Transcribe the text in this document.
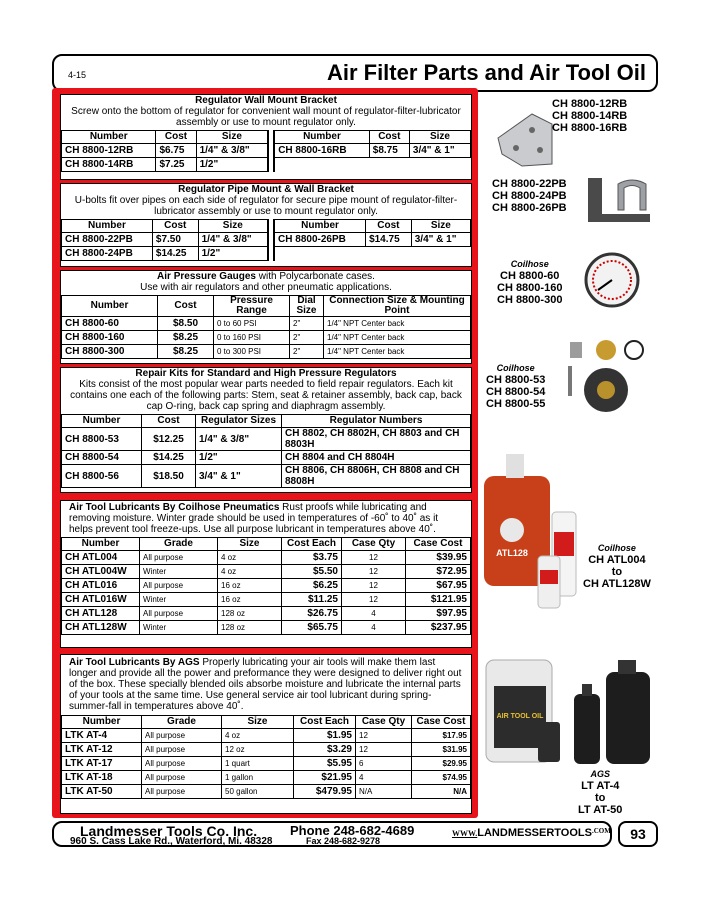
4-15	Air Filter Parts and Air Tool Oil
Regulator Wall Mount Bracket
Screw onto the bottom of regulator for convenient wall mount of regulator-filter-lubricator assembly or use to mount regulator only.
Number	Cost	Size		Number	Cost	Size
CH 8800-12RB	$6.75	1/4" & 3/8"		CH 8800-16RB	$8.75	3/4" & 1"
CH 8800-14RB	$7.25	1/2"				
Regulator Pipe Mount & Wall Bracket
U-bolts fit over pipes on each side of regulator for secure pipe mount of regulator-filter-lubricator assembly or use to mount regulator only.
Number	Cost	Size		Number	Cost	Size
CH 8800-22PB	$7.50	1/4" & 3/8"		CH 8800-26PB	$14.75	3/4" & 1"
CH 8800-24PB	$14.25	1/2"				
Air Pressure Gauges with Polycarbonate cases.
Use with air regulators and other pneumatic applications.
Number	Cost	Pressure Range	Dial Size	Connection Size & Mounting Point
CH 8800-60	$8.50	0 to 60 PSI	2"	1/4" NPT Center back
CH 8800-160	$8.25	0 to 160 PSI	2"	1/4" NPT Center back
CH 8800-300	$8.25	0 to 300 PSI	2"	1/4" NPT Center back
Repair Kits for Standard and High Pressure Regulators
Kits consist of the most popular wear parts needed to field repair regulators. Each kit contains one each of the following parts: Stem, seat & retainer assembly, back cap, back cap O-ring, back cap spring and diaphragm assembly.
Number	Cost	Regulator Sizes	Regulator Numbers
CH 8800-53	$12.25	1/4" & 3/8"	CH 8802, CH 8802H, CH 8803 and CH 8803H
CH 8800-54	$14.25	1/2"	CH 8804 and CH 8804H
CH 8800-56	$18.50	3/4" & 1"	CH 8806, CH 8806H, CH 8808 and CH 8808H
Air Tool Lubricants By Coilhose Pneumatics Rust proofs while lubricating and removing moisture. Winter grade should be used in temperatures of -60˚ to 40˚ as it helps prevent tool freeze-ups. Use all purpose lubricant in temperatures above 40˚.
Number	Grade	Size	Cost Each	Case Qty	Case Cost
CH ATL004	All purpose	4 oz	$3.75	12	$39.95
CH ATL004W	Winter	4 oz	$5.50	12	$72.95
CH ATL016	All purpose	16 oz	$6.25	12	$67.95
CH ATL016W	Winter	16 oz	$11.25	12	$121.95
CH ATL128	All purpose	128 oz	$26.75	4	$97.95
CH ATL128W	Winter	128 oz	$65.75	4	$237.95
Air Tool Lubricants By AGS Properly lubricating your air tools will make them last longer and provide all the power and preformance they were designed to deliver right out of the box. These specially blended oils absorbe moisture and lubricate the internal parts of your tools at the same time. Use general service air tool lubricant during spring-summer-fall in temperatures above 40˚.
Number	Grade	Size	Cost Each	Case Qty	Case Cost
LTK AT-4	All purpose	4 oz	$1.95	12	$17.95
LTK AT-12	All purpose	12 oz	$3.29	12	$31.95
LTK AT-17	All purpose	1 quart	$5.95	6	$29.95
LTK AT-18	All purpose	1 gallon	$21.95	4	$74.95
LTK AT-50	All purpose	50 gallon	$479.95	N/A	N/A
CH 8800-12RB
CH 8800-14RB
CH 8800-16RB
CH 8800-22PB
CH 8800-24PB
CH 8800-26PB
Coilhose
CH 8800-60
CH 8800-160
CH 8800-300
Coilhose
CH 8800-53
CH 8800-54
CH 8800-55
ATL128	Coilhose
CH ATL004
to
CH ATL128W
AIR TOOL OIL
AGS
LT AT-4
to
LT AT-50
Landmesser Tools Co. Inc.
960 S. Cass Lake Rd., Waterford, Mi. 48328
Phone 248-682-4689
Fax 248-682-9278
$WWW.LANDMESSERTOOLS^{.COM}$	93
